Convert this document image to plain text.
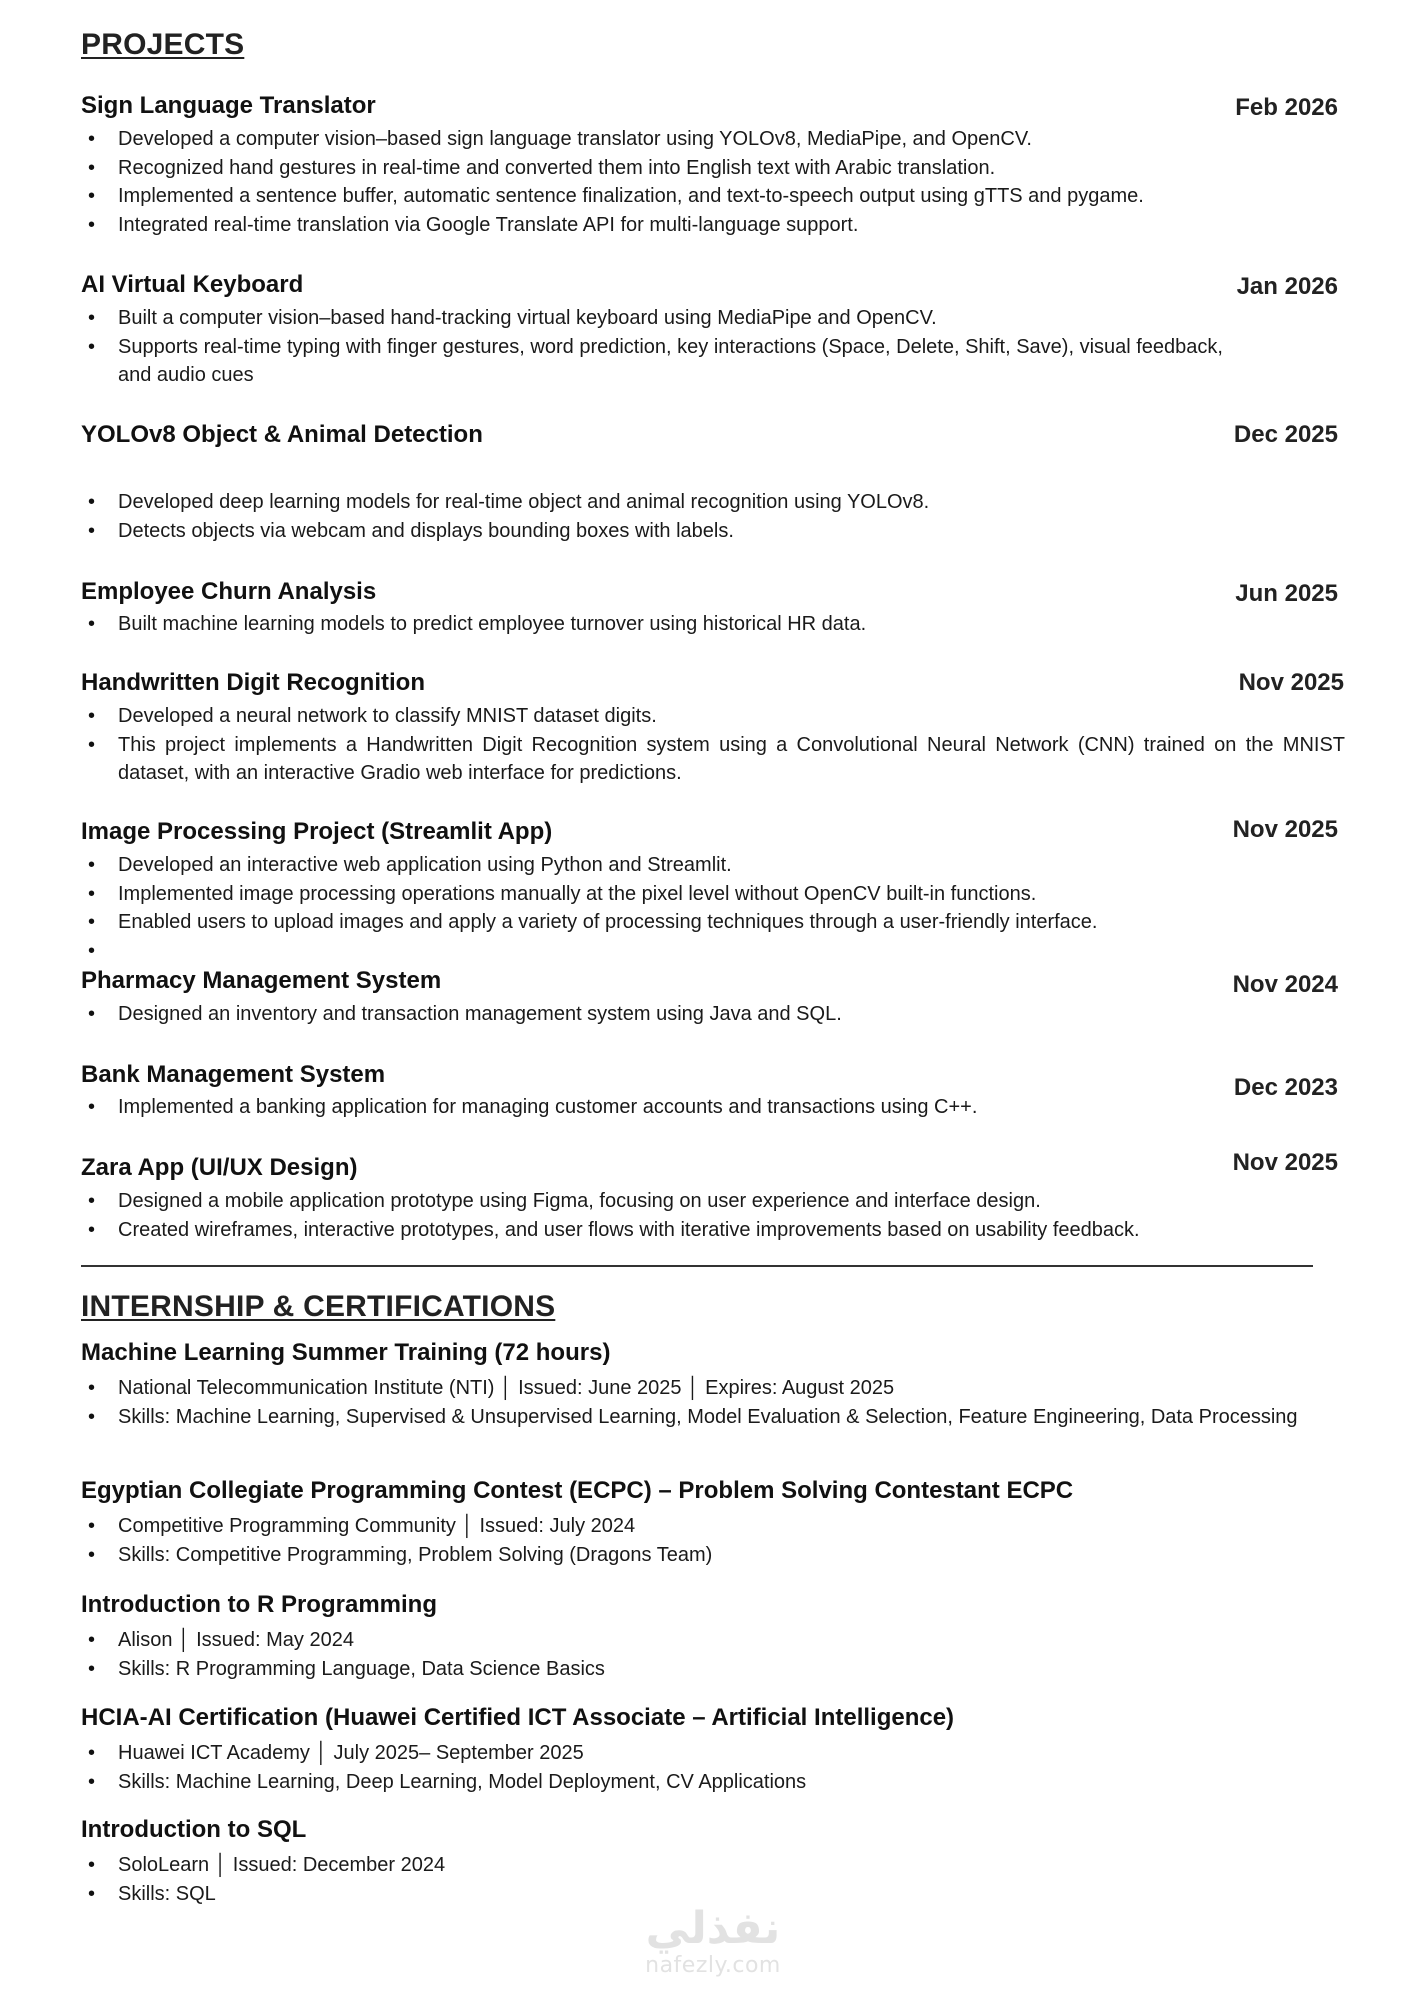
PROJECTS
Sign Language Translator	Feb 2026
• Developed a computer vision–based sign language translator using YOLOv8, MediaPipe, and OpenCV.
• Recognized hand gestures in real-time and converted them into English text with Arabic translation.
• Implemented a sentence buffer, automatic sentence finalization, and text-to-speech output using gTTS and pygame.
• Integrated real-time translation via Google Translate API for multi-language support.
AI Virtual Keyboard	Jan 2026
• Built a computer vision–based hand-tracking virtual keyboard using MediaPipe and OpenCV.
• Supports real-time typing with finger gestures, word prediction, key interactions (Space, Delete, Shift, Save), visual feedback, and audio cues
YOLOv8 Object & Animal Detection	Dec 2025
• Developed deep learning models for real-time object and animal recognition using YOLOv8.
• Detects objects via webcam and displays bounding boxes with labels.
Employee Churn Analysis	Jun 2025
• Built machine learning models to predict employee turnover using historical HR data.
Handwritten Digit Recognition	Nov 2025
• Developed a neural network to classify MNIST dataset digits.
• This project implements a Handwritten Digit Recognition system using a Convolutional Neural Network (CNN) trained on the MNIST dataset, with an interactive Gradio web interface for predictions.
Image Processing Project (Streamlit App)	Nov 2025
• Developed an interactive web application using Python and Streamlit.
• Implemented image processing operations manually at the pixel level without OpenCV built-in functions.
• Enabled users to upload images and apply a variety of processing techniques through a user-friendly interface.
•
Pharmacy Management System	Nov 2024
• Designed an inventory and transaction management system using Java and SQL.
Bank Management System	Dec 2023
• Implemented a banking application for managing customer accounts and transactions using C++.
Zara App (UI/UX Design)	Nov 2025
• Designed a mobile application prototype using Figma, focusing on user experience and interface design.
• Created wireframes, interactive prototypes, and user flows with iterative improvements based on usability feedback.
INTERNSHIP & CERTIFICATIONS
Machine Learning Summer Training (72 hours)
• National Telecommunication Institute (NTI) │ Issued: June 2025 │ Expires: August 2025
• Skills: Machine Learning, Supervised & Unsupervised Learning, Model Evaluation & Selection, Feature Engineering, Data Processing
Egyptian Collegiate Programming Contest (ECPC) – Problem Solving Contestant ECPC
• Competitive Programming Community │ Issued: July 2024
• Skills: Competitive Programming, Problem Solving (Dragons Team)
Introduction to R Programming
• Alison │ Issued: May 2024
• Skills: R Programming Language, Data Science Basics
HCIA-AI Certification (Huawei Certified ICT Associate – Artificial Intelligence)
• Huawei ICT Academy │ July 2025– September 2025
• Skills: Machine Learning, Deep Learning, Model Deployment, CV Applications
Introduction to SQL
• SoloLearn │ Issued: December 2024
• Skills: SQL
نفذلي
nafezly.com
